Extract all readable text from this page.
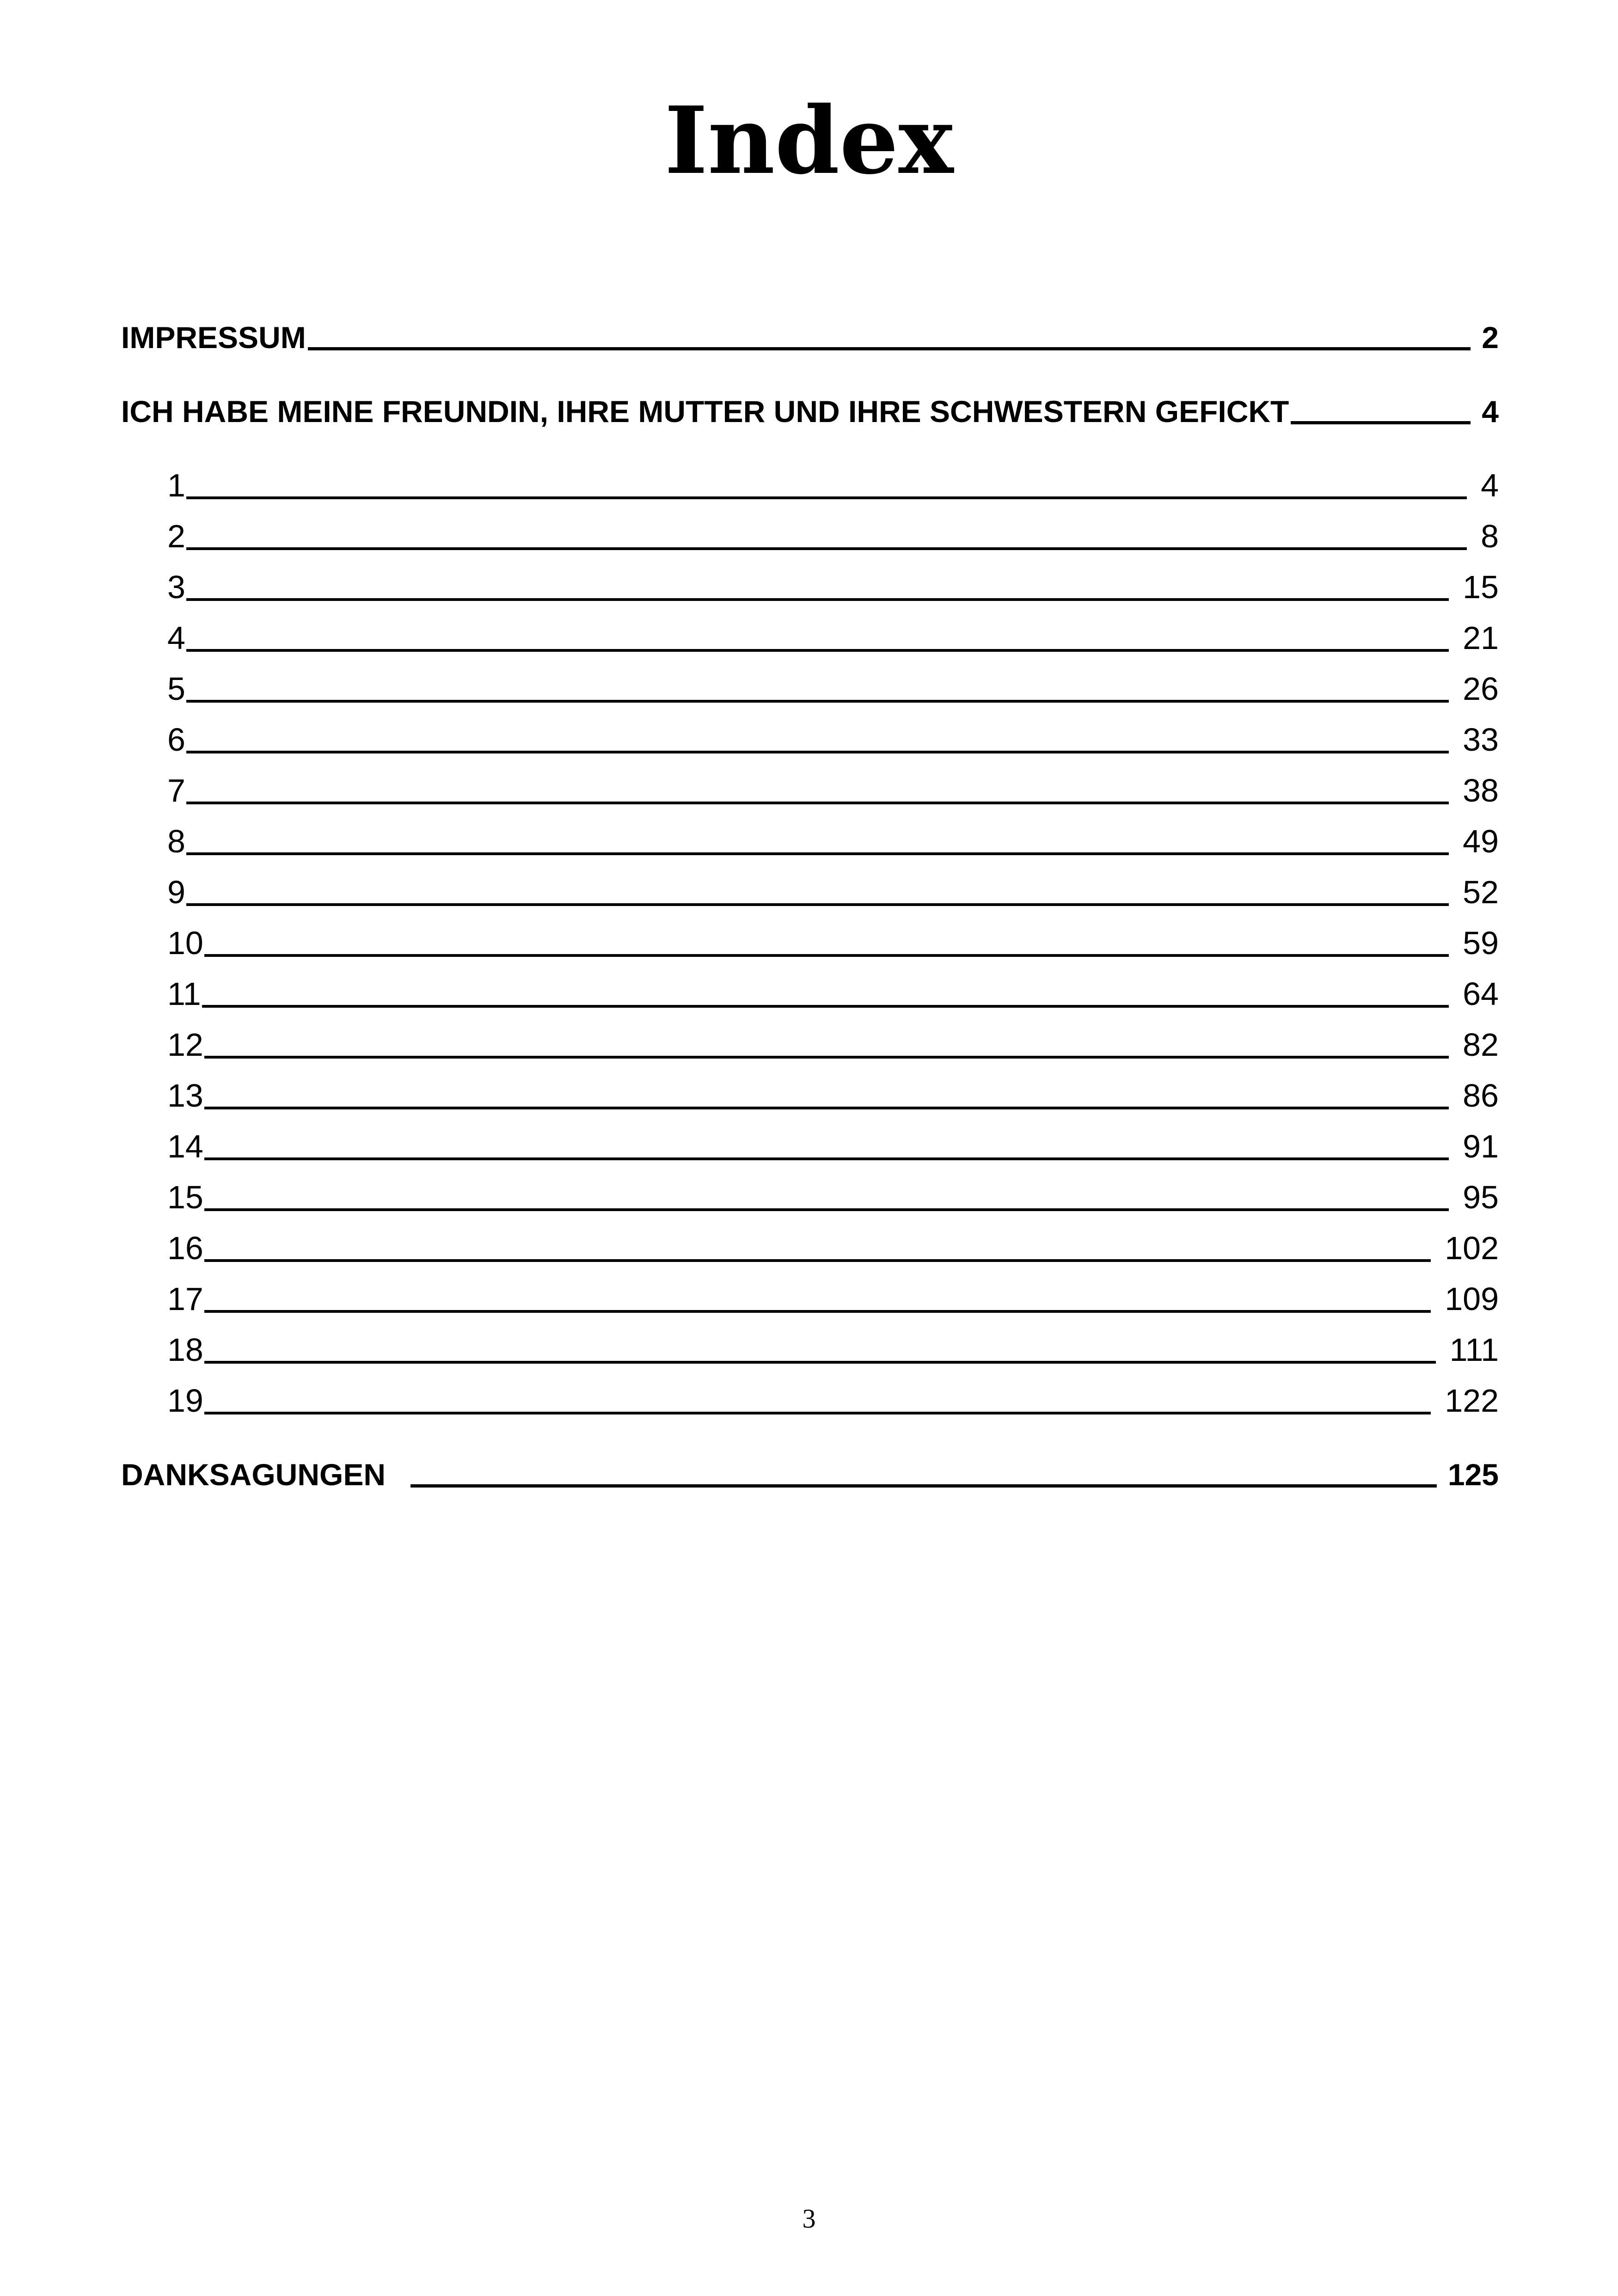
Index
IMPRESSUM	2
ICH HABE MEINE FREUNDIN, IHRE MUTTER UND IHRE SCHWESTERN GEFICKT	4
1	4
2	8
3	15
4	21
5	26
6	33
7	38
8	49
9	52
10	59
11	64
12	82
13	86
14	91
15	95
16	102
17	109
18	111
19	122
DANKSAGUNGEN	125
3
